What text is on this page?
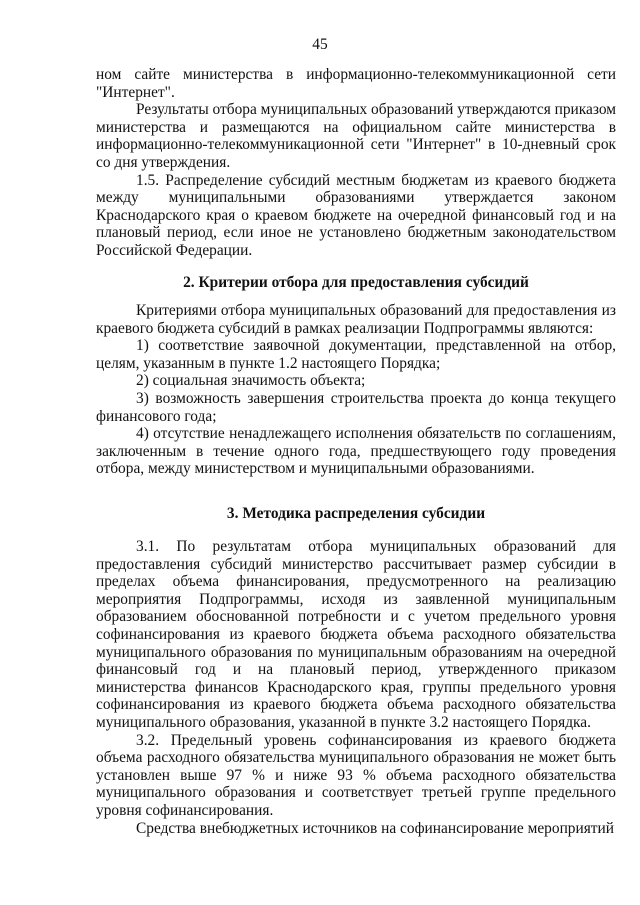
45

ном сайте министерства в информационно-телекоммуникационной сети "Интернет".

Результаты отбора муниципальных образований утверждаются приказом министерства и размещаются на официальном сайте министерства в информационно-телекоммуникационной сети "Интернет" в 10-дневный срок со дня утверждения.

1.5. Распределение субсидий местным бюджетам из краевого бюджета между муниципальными образованиями утверждается законом Краснодарского края о краевом бюджете на очередной финансовый год и на плановый период, если иное не установлено бюджетным законодательством Российской Федерации.

2. Критерии отбора для предоставления субсидий

Критериями отбора муниципальных образований для предоставления из краевого бюджета субсидий в рамках реализации Подпрограммы являются:

1) соответствие заявочной документации, представленной на отбор, целям, указанным в пункте 1.2 настоящего Порядка;

2) социальная значимость объекта;

3) возможность завершения строительства проекта до конца текущего финансового года;

4) отсутствие ненадлежащего исполнения обязательств по соглашениям, заключенным в течение одного года, предшествующего году проведения отбора, между министерством и муниципальными образованиями.

3. Методика распределения субсидии

3.1. По результатам отбора муниципальных образований для предоставления субсидий министерство рассчитывает размер субсидии в пределах объема финансирования, предусмотренного на реализацию мероприятия Подпрограммы, исходя из заявленной муниципальным образованием обоснованной потребности и с учетом предельного уровня софинансирования из краевого бюджета объема расходного обязательства муниципального образования по муниципальным образованиям на очередной финансовый год и на плановый период, утвержденного приказом министерства финансов Краснодарского края, группы предельного уровня софинансирования из краевого бюджета объема расходного обязательства муниципального образования, указанной в пункте 3.2 настоящего Порядка.

3.2. Предельный уровень софинансирования из краевого бюджета объема расходного обязательства муниципального образования не может быть установлен выше 97 % и ниже 93 % объема расходного обязательства муниципального образования и соответствует третьей группе предельного уровня софинансирования.

Средства внебюджетных источников на софинансирование мероприятий
